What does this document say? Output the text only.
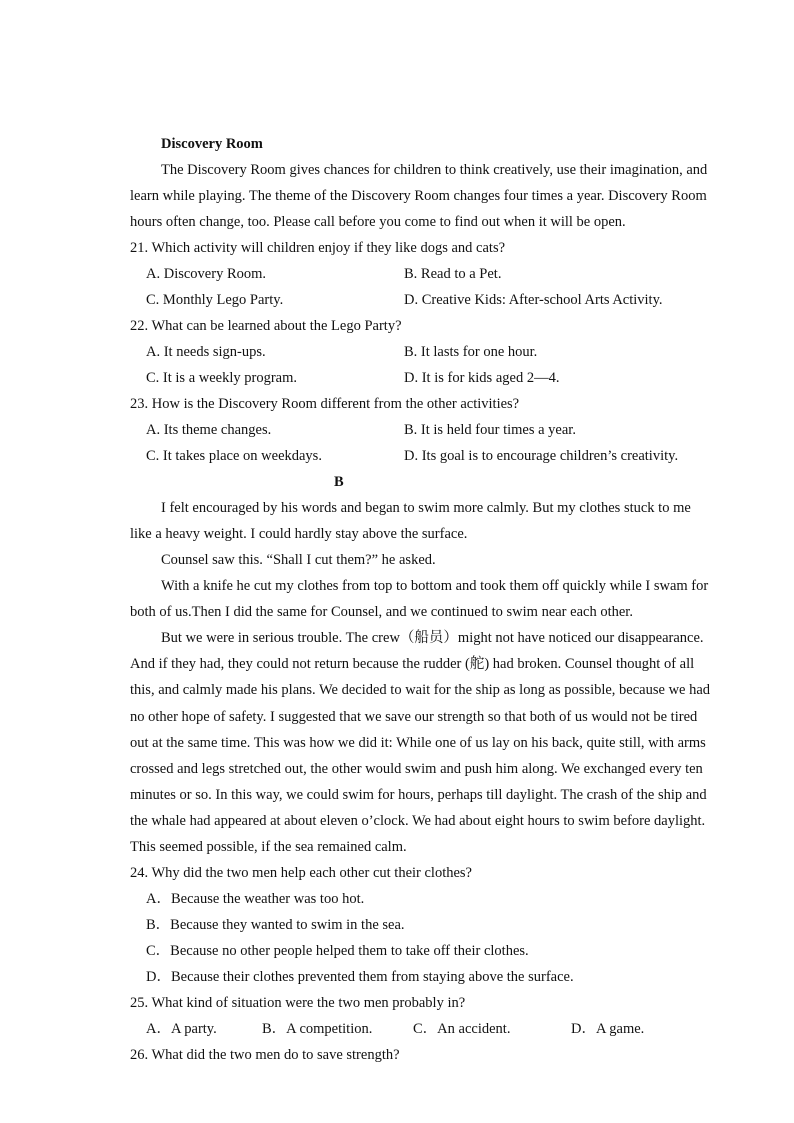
Discovery Room
The Discovery Room gives chances for children to think creatively, use their imagination, and
learn while playing. The theme of the Discovery Room changes four times a year. Discovery Room
hours often change, too. Please call before you come to find out when it will be open.
21. Which activity will children enjoy if they like dogs and cats?
A. Discovery Room.	B. Read to a Pet.
C. Monthly Lego Party.	D. Creative Kids: After-school Arts Activity.
22. What can be learned about the Lego Party?
A. It needs sign-ups.	B. It lasts for one hour.
C. It is a weekly program.	D. It is for kids aged 2—4.
23. How is the Discovery Room different from the other activities?
A. Its theme changes.	B. It is held four times a year.
C. It takes place on weekdays.	D. Its goal is to encourage children’s creativity.
B
I felt encouraged by his words and began to swim more calmly. But my clothes stuck to me
like a heavy weight. I could hardly stay above the surface.
Counsel saw this. “Shall I cut them?” he asked.
With a knife he cut my clothes from top to bottom and took them off quickly while I swam for
both of us.Then I did the same for Counsel, and we continued to swim near each other.
But we were in serious trouble. The crew（船员）might not have noticed our disappearance.
And if they had, they could not return because the rudder (舵) had broken. Counsel thought of all
this, and calmly made his plans. We decided to wait for the ship as long as possible, because we had
no other hope of safety. I suggested that we save our strength so that both of us would not be tired
out at the same time. This was how we did it: While one of us lay on his back, quite still, with arms
crossed and legs stretched out, the other would swim and push him along. We exchanged every ten
minutes or so. In this way, we could swim for hours, perhaps till daylight. The crash of the ship and
the whale had appeared at about eleven o’clock. We had about eight hours to swim before daylight.
This seemed possible, if the sea remained calm.
24. Why did the two men help each other cut their clothes?
A．Because the weather was too hot.
B．Because they wanted to swim in the sea.
C．Because no other people helped them to take off their clothes.
D．Because their clothes prevented them from staying above the surface.
25. What kind of situation were the two men probably in?
A．A party.	B．A competition.	C．An accident.	D．A game.
26. What did the two men do to save strength?
